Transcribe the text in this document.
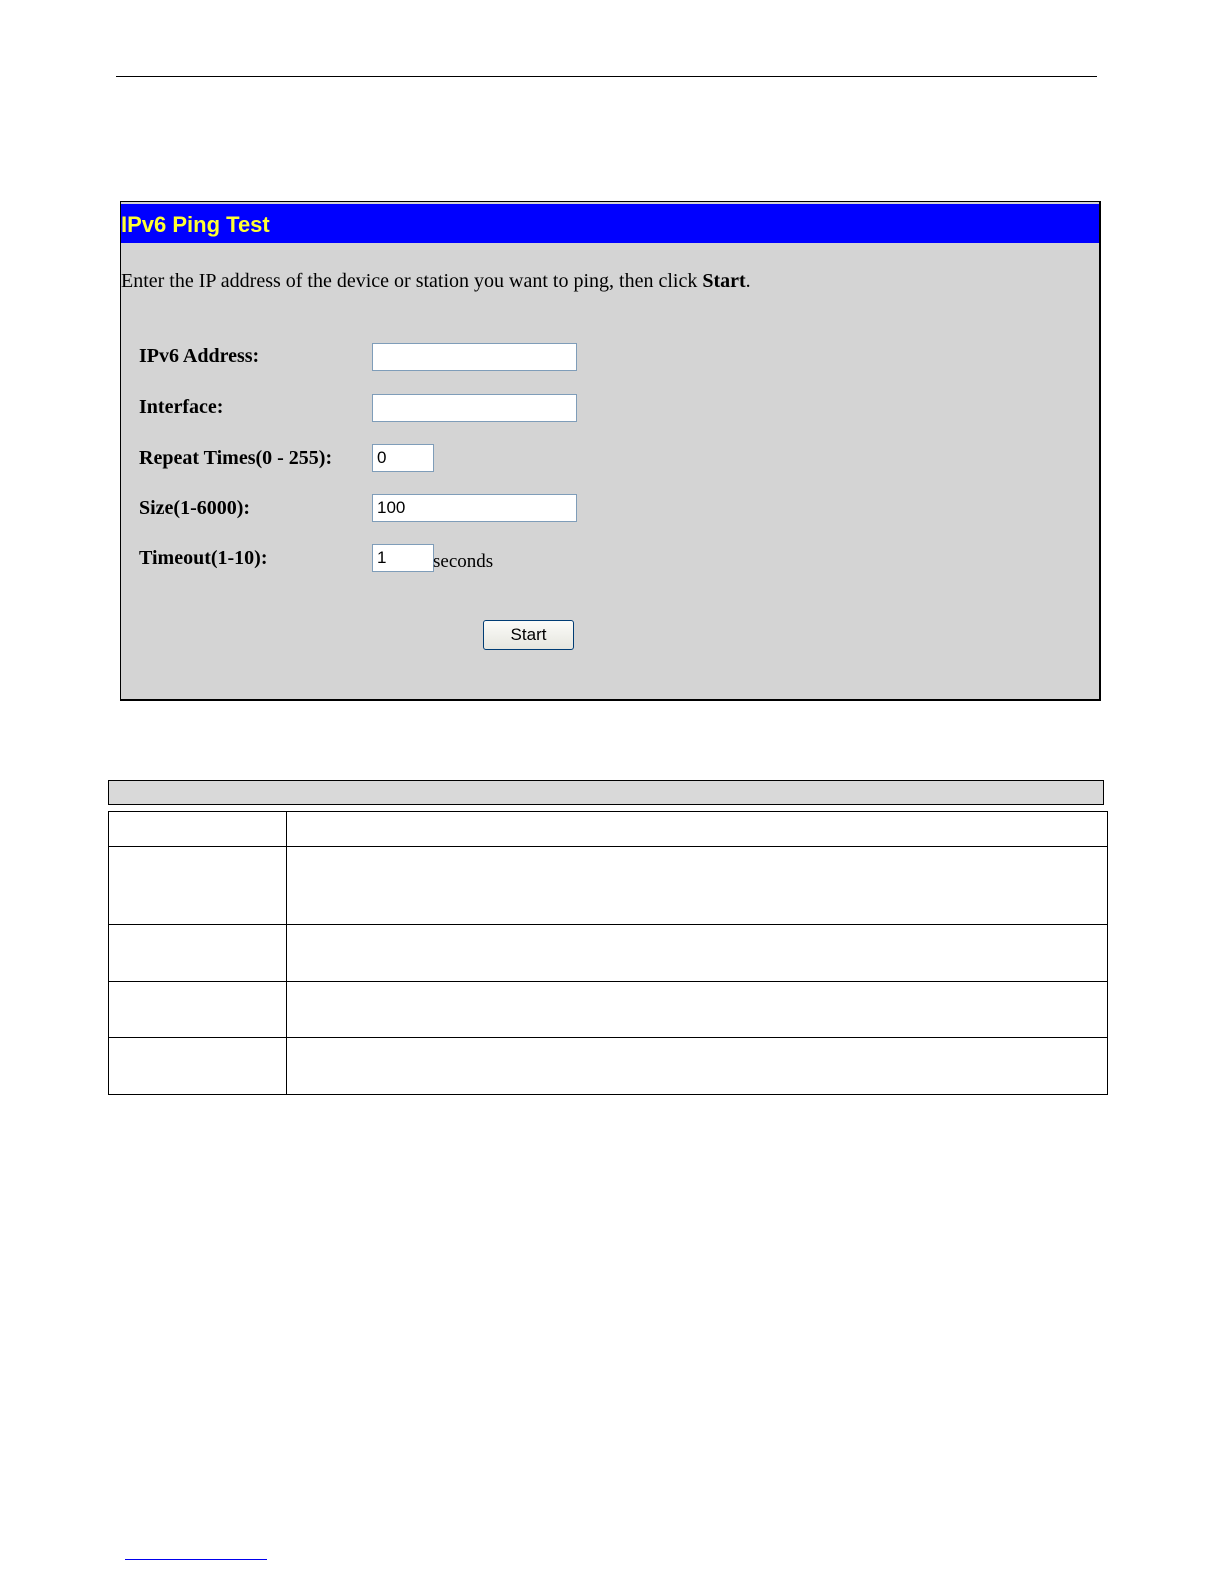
IPv6 Ping Test
Enter the IP address of the device or station you want to ping, then click Start.
IPv6 Address:
Interface:
Repeat Times(0 - 255):
0
Size(1-6000):
100
Timeout(1-10):
1	seconds
Start
